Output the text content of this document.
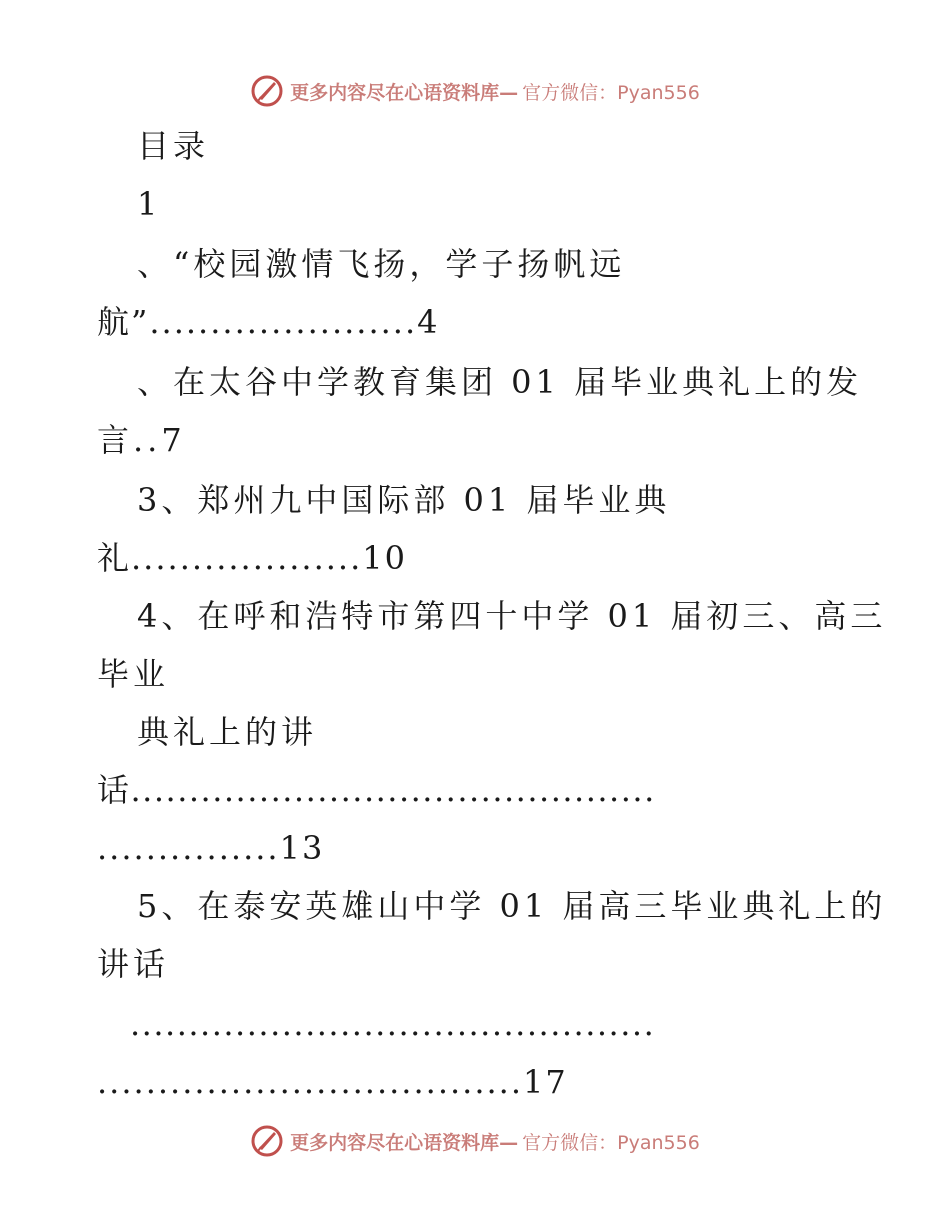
更多内容尽在心语资料库— 官方微信：Pyan556
目录
1
、“校园激情飞扬，学子扬帆远
航”......................4
、在太谷中学教育集团 01 届毕业典礼上的发
言..7
3、郑州九中国际部 01 届毕业典
礼...................10
4、在呼和浩特市第四十中学 01 届初三、高三
毕业
典礼上的讲
话.............................................
...............13
5、在泰安英雄山中学 01 届高三毕业典礼上的
讲话
.............................................
...................................17
更多内容尽在心语资料库— 官方微信：Pyan556
